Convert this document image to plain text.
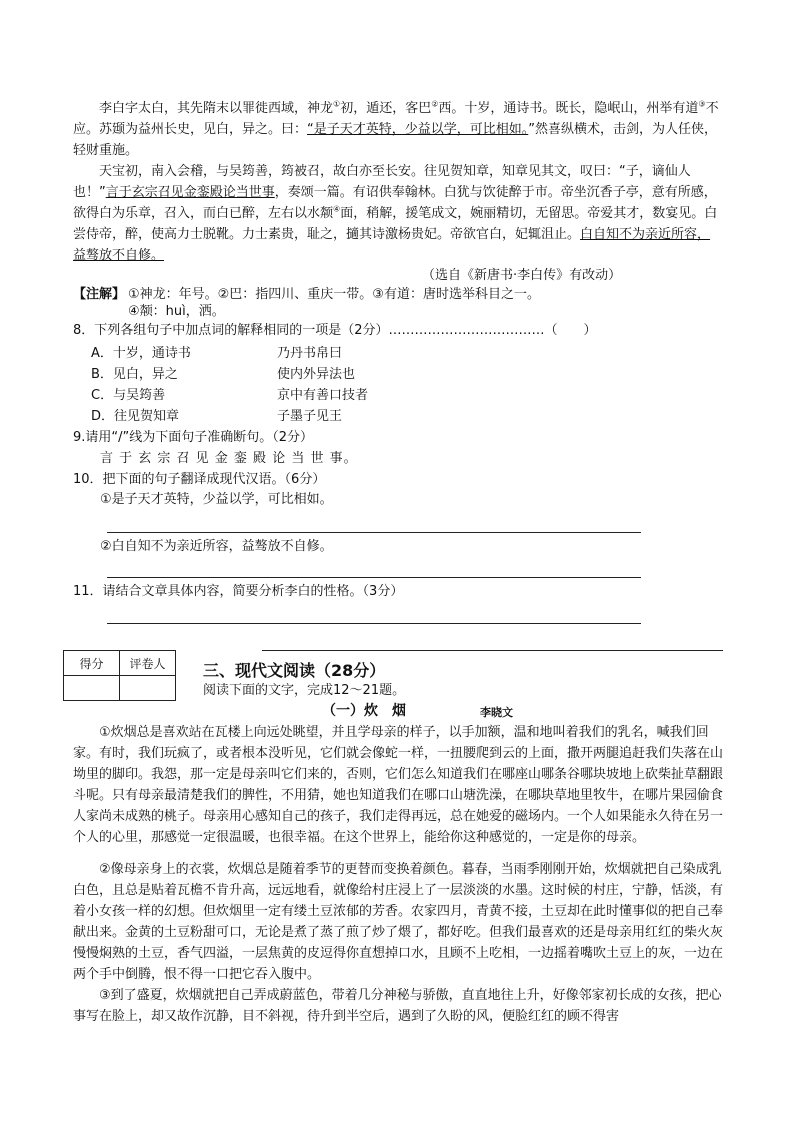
李白字太白，其先隋末以罪徙西域，神龙①初，遁还，客巴②西。十岁，通诗书。既长，隐岷山，州举有道③不应。苏颋为益州长史，见白，异之。曰：“是子天才英特，少益以学，可比相如。”然喜纵横术，击剑，为人任侠，轻财重施。

天宝初，南入会稽，与吴筠善，筠被召，故白亦至长安。往见贺知章，知章见其文，叹曰：“子，谪仙人也！”言于玄宗召见金銮殿论当世事，奏颂一篇。有诏供奉翰林。白犹与饮徒醉于市。帝坐沉香子亭，意有所感，欲得白为乐章，召入，而白已醉，左右以水颒④面，稍解，援笔成文，婉丽精切，无留思。帝爱其才，数宴见。白尝侍帝，醉，使高力士脱靴。力士素贵，耻之，擿其诗激杨贵妃。帝欲官白，妃辄沮止。白自知不为亲近所容，益骜放不自修。

（选自《新唐书·李白传》有改动）
【注解】 ①神龙：年号。②巴：指四川、重庆一带。③有道：唐时选举科目之一。
④颒：huì，洒。
8．下列各组句子中加点词的解释相同的一项是（2分）………………………………（　　）
A．十岁，通诗书	乃丹书帛曰
B．见白，异之	使内外异法也
C．与吴筠善	京中有善口技者
D．往见贺知章	子墨子见王
9.请用“/”线为下面句子准确断句。（2分）
言 于 玄 宗 召 见 金 銮 殿 论 当 世 事。
10．把下面的句子翻译成现代汉语。（6分）
①是子天才英特，少益以学，可比相如。
②白自知不为亲近所容，益骜放不自修。
11．请结合文章具体内容，简要分析李白的性格。（3分）
得分	评卷人
	三、现代文阅读（28分）
阅读下面的文字，完成12～21题。
（一）炊　烟	李晓文

①炊烟总是喜欢站在瓦楼上向远处眺望，并且学母亲的样子，以手加额，温和地叫着我们的乳名，喊我们回家。有时，我们玩疯了，或者根本没听见，它们就会像蛇一样，一扭腰爬到云的上面，撒开两腿追赶我们失落在山坳里的脚印。我怨，那一定是母亲叫它们来的，否则，它们怎么知道我们在哪座山哪条谷哪块坡地上砍柴扯草翻跟斗呢。只有母亲最清楚我们的脾性，不用猜，她也知道我们在哪口山塘洗澡，在哪块草地里牧牛，在哪片果园偷食人家尚未成熟的桃子。母亲用心感知自己的孩子，我们走得再远，总在她爱的磁场内。一个人如果能永久待在另一个人的心里，那感觉一定很温暖，也很幸福。在这个世界上，能给你这种感觉的，一定是你的母亲。

②像母亲身上的衣裳，炊烟总是随着季节的更替而变换着颜色。暮春，当雨季刚刚开始，炊烟就把自己染成乳白色，且总是贴着瓦檐不肯升高，远远地看，就像给村庄浸上了一层淡淡的水墨。这时候的村庄，宁静，恬淡，有着小女孩一样的幻想。但炊烟里一定有缕土豆浓郁的芳香。农家四月，青黄不接，土豆却在此时懂事似的把自己奉献出来。金黄的土豆粉甜可口，无论是煮了蒸了煎了炒了煨了，都好吃。但我们最喜欢的还是母亲用红红的柴火灰慢慢焖熟的土豆，香气四溢，一层焦黄的皮逗得你直想掉口水，且顾不上吃相，一边摇着嘴吹土豆上的灰，一边在两个手中倒腾，恨不得一口把它吞入腹中。

③到了盛夏，炊烟就把自己弄成蔚蓝色，带着几分神秘与骄傲，直直地往上升，好像邻家初长成的女孩，把心事写在脸上，却又故作沉静，目不斜视，待升到半空后，遇到了久盼的风，便脸红红的顾不得害
